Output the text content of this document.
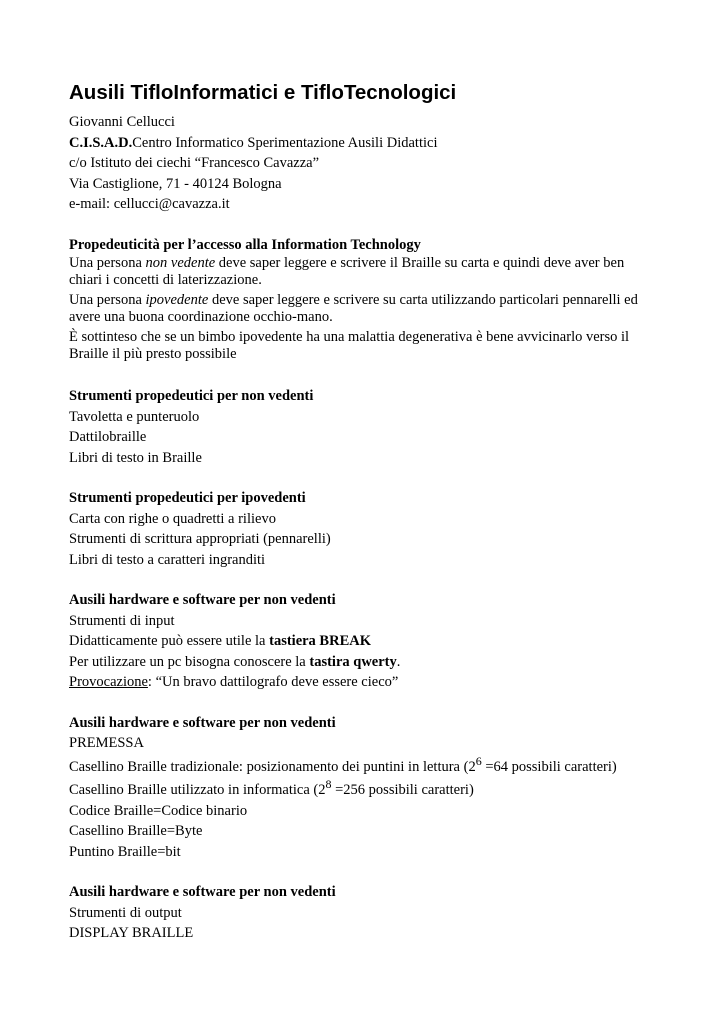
Ausili TifloInformatici e TifloTecnologici

Giovanni Cellucci

C.I.S.A.D.Centro Informatico Sperimentazione Ausili Didattici

c/o Istituto dei ciechi “Francesco Cavazza”

Via Castiglione, 71 - 40124 Bologna

e-mail: cellucci@cavazza.it

Propedeuticità per l’accesso alla Information Technology

Una persona non vedente deve saper leggere e scrivere il Braille su carta e quindi deve aver ben chiari i concetti di laterizzazione.

Una persona ipovedente deve saper leggere e scrivere su carta utilizzando particolari pennarelli ed avere una buona coordinazione occhio-mano.

È sottinteso che se un bimbo ipovedente ha una malattia degenerativa è bene avvicinarlo verso il Braille il più presto possibile

Strumenti propedeutici per non vedenti

Tavoletta e punteruolo

Dattilobraille

Libri di testo in Braille

Strumenti propedeutici per ipovedenti

Carta con righe o quadretti a rilievo

Strumenti di scrittura appropriati (pennarelli)

Libri di testo a caratteri ingranditi

Ausili hardware e software per non vedenti

Strumenti di input

Didatticamente può essere utile la tastiera BREAK

Per utilizzare un pc bisogna conoscere la tastira qwerty.

Provocazione: “Un bravo dattilografo deve essere cieco”

Ausili hardware e software per non vedenti

PREMESSA

Casellino Braille tradizionale: posizionamento dei puntini in lettura ($2^6 =64$ possibili caratteri)

Casellino Braille utilizzato in informatica ($2^8 =256$ possibili caratteri)

Codice Braille=Codice binario

Casellino Braille=Byte

Puntino Braille=bit

Ausili hardware e software per non vedenti

Strumenti di output

DISPLAY BRAILLE
